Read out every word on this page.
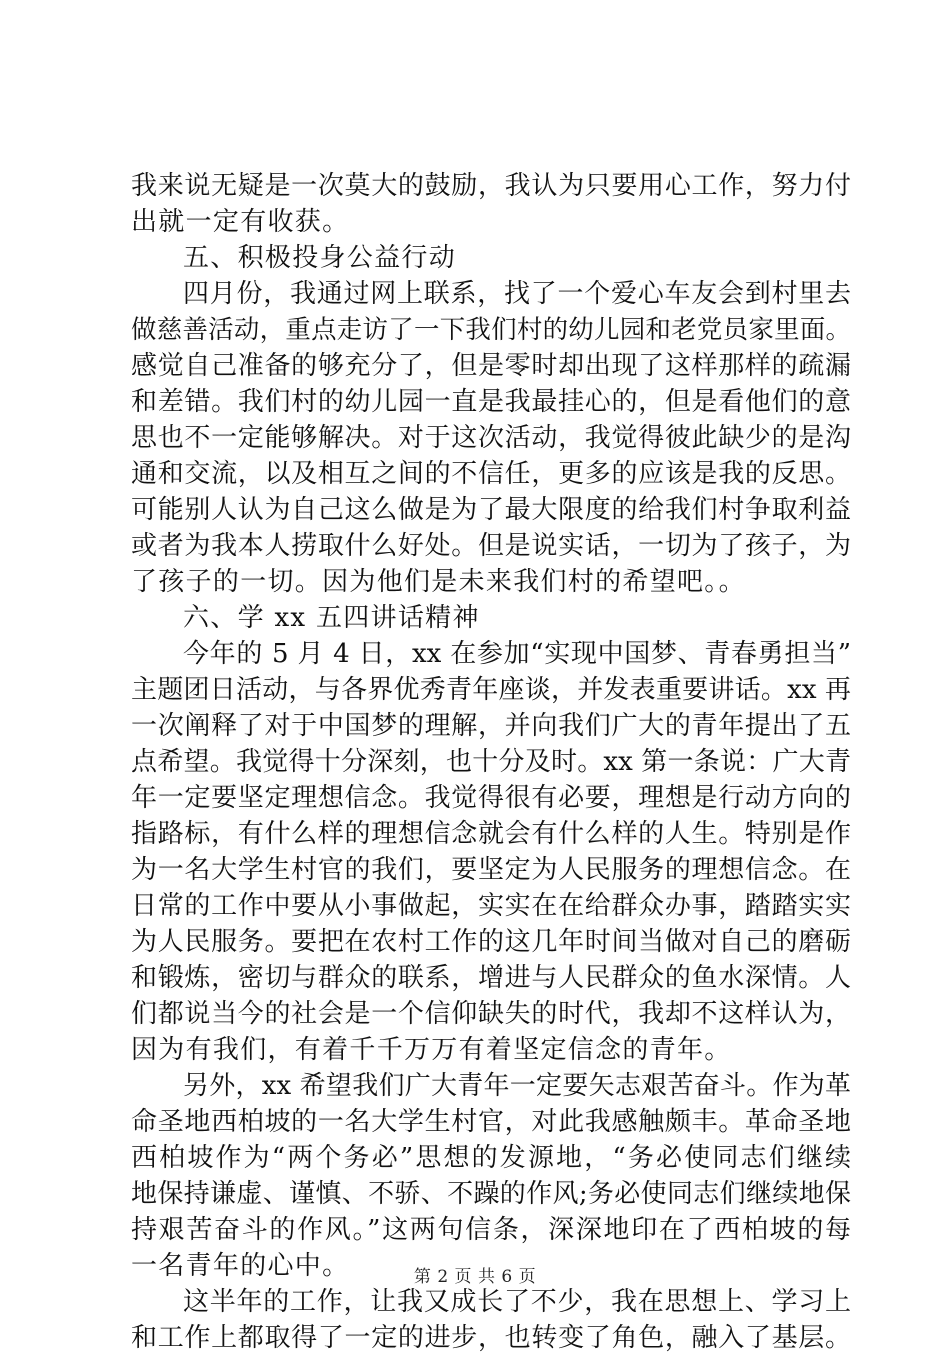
我来说无疑是一次莫大的鼓励，我认为只要用心工作，努力付
出就一定有收获。
五、积极投身公益行动
四月份，我通过网上联系，找了一个爱心车友会到村里去
做慈善活动，重点走访了一下我们村的幼儿园和老党员家里面。
感觉自己准备的够充分了，但是零时却出现了这样那样的疏漏
和差错。我们村的幼儿园一直是我最挂心的，但是看他们的意
思也不一定能够解决。对于这次活动，我觉得彼此缺少的是沟
通和交流，以及相互之间的不信任，更多的应该是我的反思。
可能别人认为自己这么做是为了最大限度的给我们村争取利益
或者为我本人捞取什么好处。但是说实话，一切为了孩子，为
了孩子的一切。因为他们是未来我们村的希望吧。。
六、学 xx 五四讲话精神
今年的 5 月 4 日，xx 在参加“实现中国梦、青春勇担当”
主题团日活动，与各界优秀青年座谈，并发表重要讲话。xx 再
一次阐释了对于中国梦的理解，并向我们广大的青年提出了五
点希望。我觉得十分深刻，也十分及时。xx 第一条说：广大青
年一定要坚定理想信念。我觉得很有必要，理想是行动方向的
指路标，有什么样的理想信念就会有什么样的人生。特别是作
为一名大学生村官的我们，要坚定为人民服务的理想信念。在
日常的工作中要从小事做起，实实在在给群众办事，踏踏实实
为人民服务。要把在农村工作的这几年时间当做对自己的磨砺
和锻炼，密切与群众的联系，增进与人民群众的鱼水深情。人
们都说当今的社会是一个信仰缺失的时代，我却不这样认为，
因为有我们，有着千千万万有着坚定信念的青年。
另外，xx 希望我们广大青年一定要矢志艰苦奋斗。作为革
命圣地西柏坡的一名大学生村官，对此我感触颇丰。革命圣地
西柏坡作为“两个务必”思想的发源地，“务必使同志们继续
地保持谦虚、谨慎、不骄、不躁的作风;务必使同志们继续地保
持艰苦奋斗的作风。”这两句信条，深深地印在了西柏坡的每
一名青年的心中。
这半年的工作，让我又成长了不少，我在思想上、学习上
和工作上都取得了一定的进步，也转变了角色，融入了基层。
第 2 页 共 6 页
